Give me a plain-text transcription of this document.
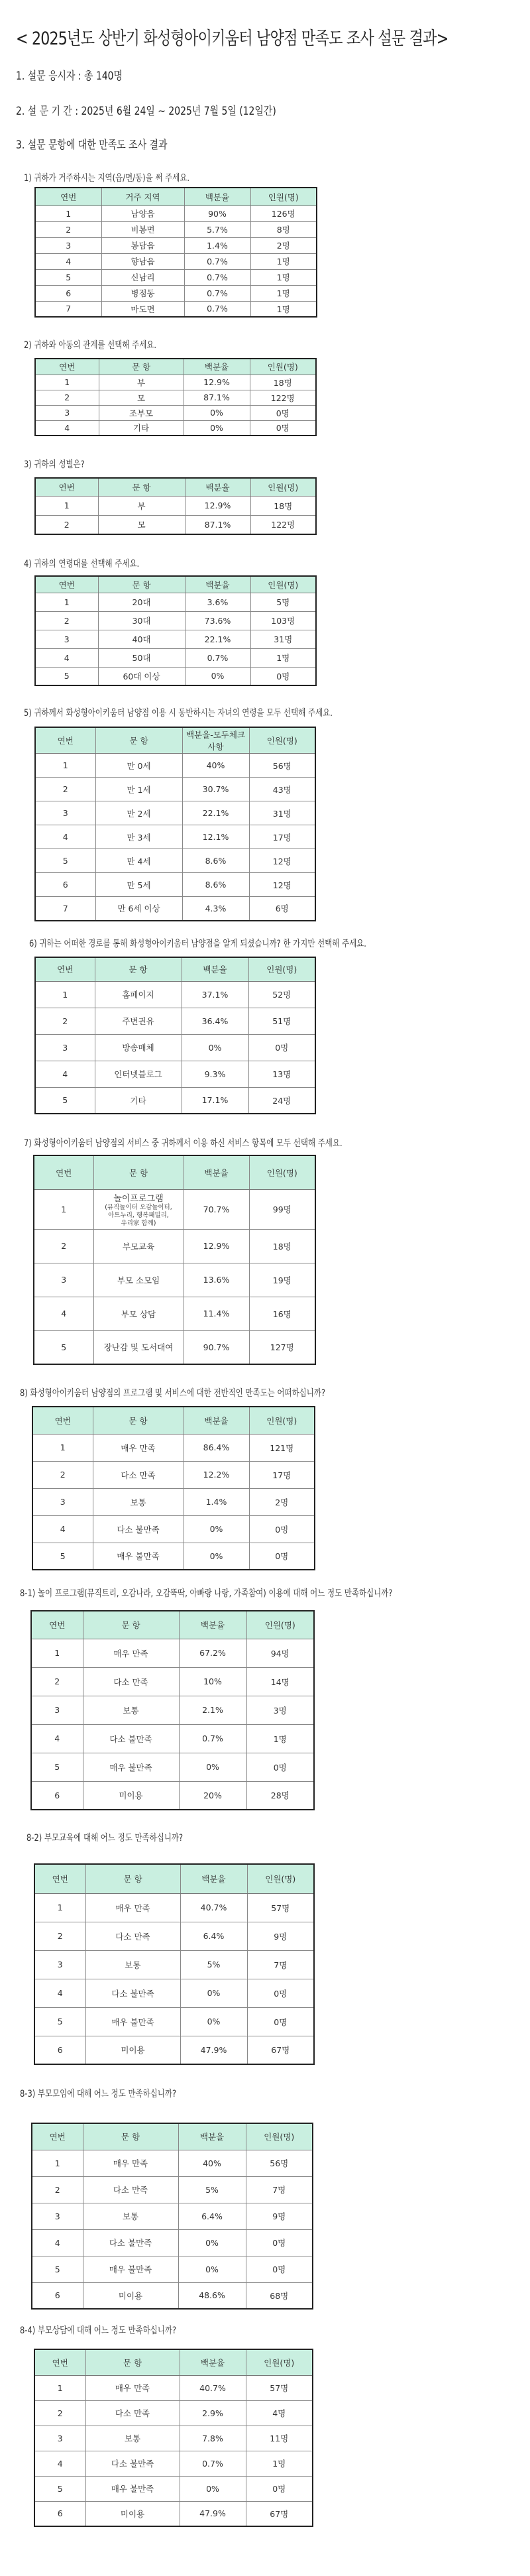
< 2025년도 상반기 화성형아이키움터 남양점 만족도 조사 설문 결과>
1. 설문 응시자 : 총 140명
2. 설 문 기 간 : 2025년 6월 24일 ~ 2025년 7월 5일 (12일간)
3. 설문 문항에 대한 만족도 조사 결과
1) 귀하가 거주하시는 지역(읍/면/동)을 써 주세요.
연번	거주 지역	백분율	인원(명)
1	남양읍	90%	126명
2	비봉면	5.7%	8명
3	봉담읍	1.4%	2명
4	향남읍	0.7%	1명
5	신남리	0.7%	1명
6	병점동	0.7%	1명
7	마도면	0.7%	1명
2) 귀하와 아동의 관계를 선택해 주세요.
연번	문 항	백분율	인원(명)
1	부	12.9%	18명
2	모	87.1%	122명
3	조부모	0%	0명
4	기타	0%	0명
3) 귀하의 성별은?
연번	문 항	백분율	인원(명)
1	부	12.9%	18명
2	모	87.1%	122명
4) 귀하의 연령대를 선택해 주세요.
연번	문 항	백분율	인원(명)
1	20대	3.6%	5명
2	30대	73.6%	103명
3	40대	22.1%	31명
4	50대	0.7%	1명
5	60대 이상	0%	0명
5) 귀하께서 화성형아이키움터 남양점 이용 시 동반하시는 자녀의 연령을 모두 선택해 주세요.
연번	문 항	백분율-모두체크사항	인원(명)
1	만 0세	40%	56명
2	만 1세	30.7%	43명
3	만 2세	22.1%	31명
4	만 3세	12.1%	17명
5	만 4세	8.6%	12명
6	만 5세	8.6%	12명
7	만 6세 이상	4.3%	6명
6) 귀하는 어떠한 경로를 통해 화성형아이키움터 남양점을 알게 되셨습니까? 한 가지만 선택해 주세요.
연번	문 항	백분율	인원(명)
1	홈페이지	37.1%	52명
2	주변권유	36.4%	51명
3	방송매체	0%	0명
4	인터넷블로그	9.3%	13명
5	기타	17.1%	24명
7) 화성형아이키움터 남양점의 서비스 중 귀하께서 이용 하신 서비스 항목에 모두 선택해 주세요.
연번	문 항	백분율	인원(명)
1	놀이프로그램
(뮤직놀이터 오감놀이터,
아트누리, 행복패밀리,
우리家 함께)	70.7%	99명
2	부모교육	12.9%	18명
3	부모 소모임	13.6%	19명
4	부모 상담	11.4%	16명
5	장난감 및 도서대여	90.7%	127명
8) 화성형아이키움터 남양점의 프로그램 및 서비스에 대한 전반적인 만족도는 어떠하십니까?
연번	문 항	백분율	인원(명)
1	매우 만족	86.4%	121명
2	다소 만족	12.2%	17명
3	보통	1.4%	2명
4	다소 불만족	0%	0명
5	매우 불만족	0%	0명
8-1) 놀이 프로그램(뮤직트리, 오감나라, 오감뚝딱, 아빠랑 나랑, 가족참여) 이용에 대해 어느 정도 만족하십니까?
연번	문 항	백분율	인원(명)
1	매우 만족	67.2%	94명
2	다소 만족	10%	14명
3	보통	2.1%	3명
4	다소 불만족	0.7%	1명
5	매우 불만족	0%	0명
6	미이용	20%	28명
8-2) 부모교육에 대해 어느 정도 만족하십니까?
연번	문 항	백분율	인원(명)
1	매우 만족	40.7%	57명
2	다소 만족	6.4%	9명
3	보통	5%	7명
4	다소 불만족	0%	0명
5	매우 불만족	0%	0명
6	미이용	47.9%	67명
8-3) 부모모임에 대해 어느 정도 만족하십니까?
연번	문 항	백분율	인원(명)
1	매우 만족	40%	56명
2	다소 만족	5%	7명
3	보통	6.4%	9명
4	다소 불만족	0%	0명
5	매우 불만족	0%	0명
6	미이용	48.6%	68명
8-4) 부모상담에 대해 어느 정도 만족하십니까?
연번	문 항	백분율	인원(명)
1	매우 만족	40.7%	57명
2	다소 만족	2.9%	4명
3	보통	7.8%	11명
4	다소 불만족	0.7%	1명
5	매우 불만족	0%	0명
6	미이용	47.9%	67명
